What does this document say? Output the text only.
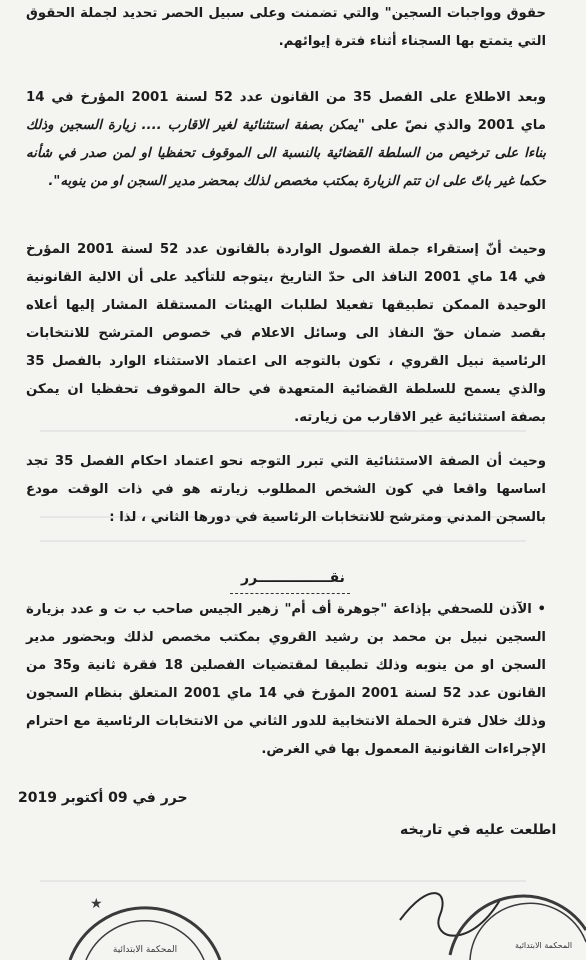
حقوق وواجبات السجين" والتي تضمنت وعلى سبيل الحصر تحديد لجملة الحقوق التي يتمتع بها السجناء أثناء فترة إيوائهم.

وبعد الاطلاع على الفصل 35 من القانون عدد 52 لسنة 2001 المؤرخ في 14 ماي 2001 والذي نصّ على "يمكن بصفة استثنائية لغير الاقارب .... زيارة السجين وذلك بناءا على ترخيص من السلطة القضائية بالنسبة الى الموقوف تحفظيا او لمن صدر في شأنه حكما غير باتّ على ان تتم الزيارة بمكتب مخصص لذلك بمحضر مدير السجن او من ينوبه".

وحيث أنّ إستقراء جملة الفصول الواردة بالقانون عدد 52 لسنة 2001 المؤرخ في 14 ماي 2001 النافذ الى حدّ التاريخ ،يتوجه للتأكيد على أن الالية القانونية الوحيدة الممكن تطبيقها تفعيلا لطلبات الهيئات المستقلة المشار إليها أعلاه بقصد ضمان حقّ النفاذ الى وسائل الاعلام في خصوص المترشح للانتخابات الرئاسية نبيل القروي ، تكون بالتوجه الى اعتماد الاستثناء الوارد بالفصل 35 والذي يسمح للسلطة القضائية المتعهدة في حالة الموقوف تحفظيا ان يمكن بصفة استثنائية غير الاقارب من زيارته.

وحيث أن الصفة الاستثنائية التي تبرر التوجه نحو اعتماد احكام الفصل 35 تجد اساسها واقعا في كون الشخص المطلوب زيارته هو في ذات الوقت مودع بالسجن المدني ومترشح للانتخابات الرئاسية في دورها الثاني ، لذا :

نقـــــــــــــــرر

• الآذن للصحفي بإذاعة "جوهرة أف أم" زهير الجيس صاحب ب ت و عدد بزيارة السجين نبيل بن محمد بن رشيد القروي بمكتب مخصص لذلك وبحضور مدير السجن او من ينوبه وذلك تطبيقا لمقتضيات الفصلين 18 فقرة ثانية و35 من القانون عدد 52 لسنة 2001 المؤرخ في 14 ماي 2001 المتعلق بنظام السجون وذلك خلال فترة الحملة الانتخابية للدور الثاني من الانتخابات الرئاسية مع احترام الإجراءات القانونية المعمول بها في الغرض.

حرر في 09 أكتوبر 2019
اطلعت عليه في تاريخه
المحكمة الابتدائية
★
المحكمة الابتدائية
